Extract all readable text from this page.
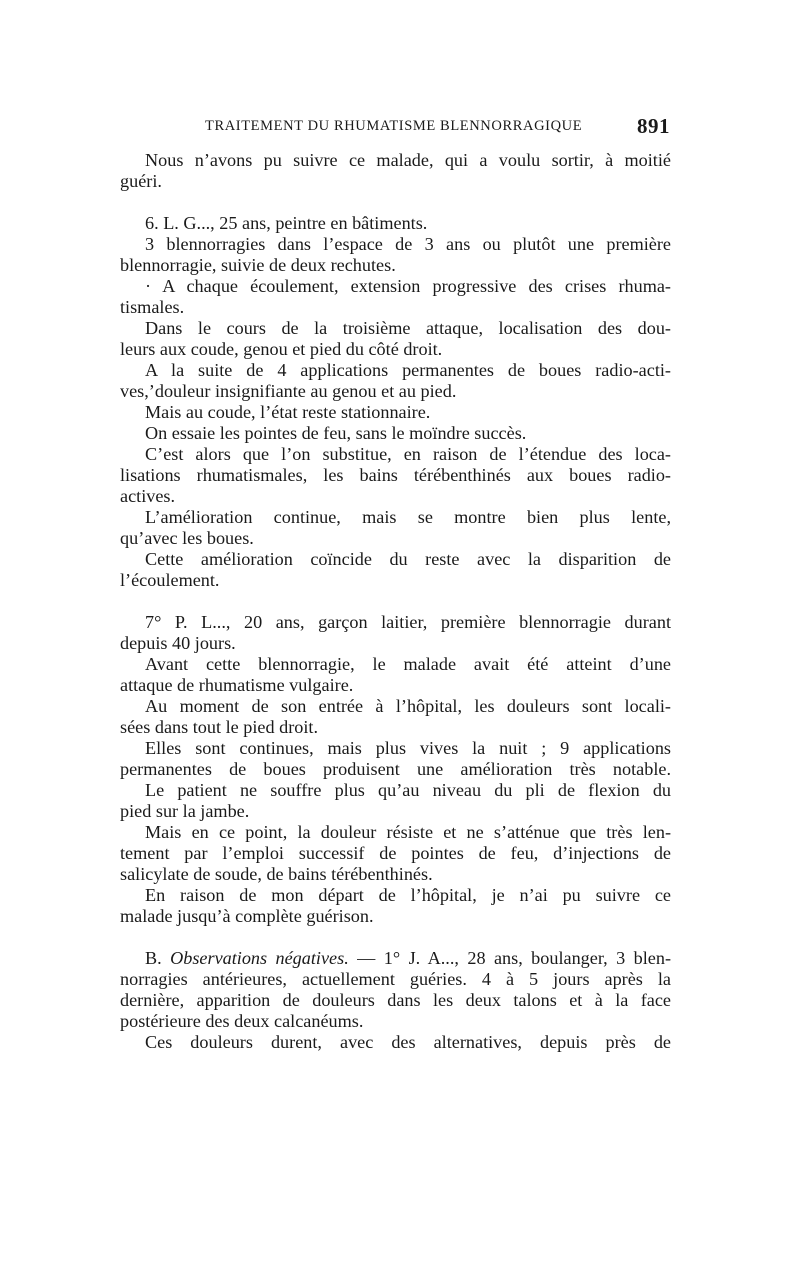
TRAITEMENT DU RHUMATISME BLENNORRAGIQUE	891
Nous n’avons pu suivre ce malade, qui a voulu sortir, à moitié
guéri.
6. L. G..., 25 ans, peintre en bâtiments.
3 blennorragies dans l’espace de 3 ans ou plutôt une première
blennorragie, suivie de deux rechutes.
· A chaque écoulement, extension progressive des crises rhuma-
tismales.
Dans le cours de la troisième attaque, localisation des dou-
leurs aux coude, genou et pied du côté droit.
A la suite de 4 applications permanentes de boues radio-acti-
ves,’douleur insignifiante au genou et au pied.
Mais au coude, l’état reste stationnaire.
On essaie les pointes de feu, sans le moïndre succès.
C’est alors que l’on substitue, en raison de l’étendue des loca-
lisations rhumatismales, les bains térébenthinés aux boues radio-
actives.
L’amélioration continue, mais se montre bien plus lente,
qu’avec les boues.
Cette amélioration coïncide du reste avec la disparition de
l’écoulement.
7° P. L..., 20 ans, garçon laitier, première blennorragie durant
depuis 40 jours.
Avant cette blennorragie, le malade avait été atteint d’une
attaque de rhumatisme vulgaire.
Au moment de son entrée à l’hôpital, les douleurs sont locali-
sées dans tout le pied droit.
Elles sont continues, mais plus vives la nuit ; 9 applications
permanentes de boues produisent une amélioration très notable.
Le patient ne souffre plus qu’au niveau du pli de flexion du
pied sur la jambe.
Mais en ce point, la douleur résiste et ne s’atténue que très len-
tement par l’emploi successif de pointes de feu, d’injections de
salicylate de soude, de bains térébenthinés.
En raison de mon départ de l’hôpital, je n’ai pu suivre ce
malade jusqu’à complète guérison.
B. Observations négatives. — 1° J. A..., 28 ans, boulanger, 3 blen-
norragies antérieures, actuellement guéries. 4 à 5 jours après la
dernière, apparition de douleurs dans les deux talons et à la face
postérieure des deux calcanéums.
Ces douleurs durent, avec des alternatives, depuis près de
